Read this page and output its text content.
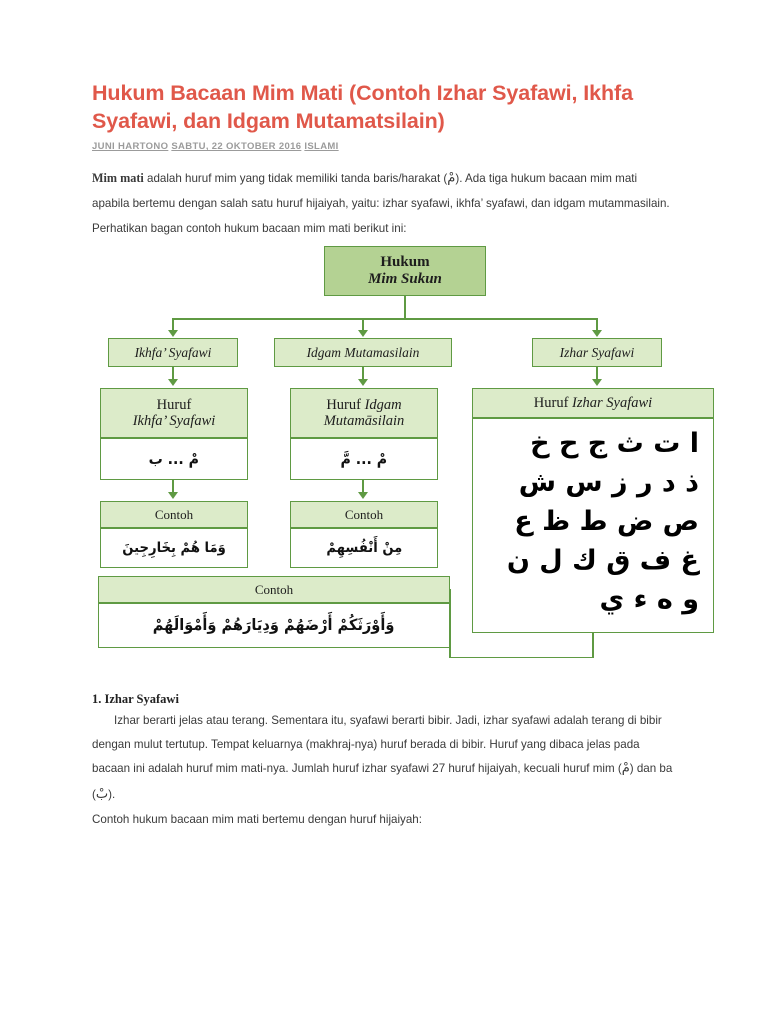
Hukum Bacaan Mim Mati (Contoh Izhar Syafawi, Ikhfa Syafawi, dan Idgam Mutamatsilain)
JUNI HARTONO SABTU, 22 OKTOBER 2016 ISLAMI

Mim mati adalah huruf mim yang tidak memiliki tanda baris/harakat (مْ). Ada tiga hukum bacaan mim mati apabila bertemu dengan salah satu huruf hijaiyah, yaitu: izhar syafawi, ikhfa’ syafawi, dan idgam mutammasilain.

Perhatikan bagan contoh hukum bacaan mim mati berikut ini:

Hukum
Mim Sukun
Ikhfa’ Syafawi	Idgam Mutamasilain	Izhar Syafawi
Huruf
Ikhfa’ Syafawi
مْ ... ب
Contoh
وَمَا هُمْ بِخَارِجِينَ
Huruf Idgam
Mutamāsilain
مْ ... مَّ
Contoh
مِنْ أَنْفُسِهِمْ
Huruf Izhar Syafawi
ا ت ث ج ح خ
ذ د ر ز س ش
ص ض ط ظ ع
غ ف ق ك ل ن
و ه ء ي
Contoh
وَأَوْرَثَكُمْ أَرْضَهُمْ وَدِيَارَهُمْ وَأَمْوَالَهُمْ

1. Izhar Syafawi

Izhar berarti jelas atau terang. Sementara itu, syafawi berarti bibir. Jadi, izhar syafawi adalah terang di bibir dengan mulut tertutup. Tempat keluarnya (makhraj-nya) huruf berada di bibir. Huruf yang dibaca jelas pada bacaan ini adalah huruf mim mati-nya. Jumlah huruf izhar syafawi 27 huruf hijaiyah, kecuali huruf mim (مْ) dan ba (بْ).

Contoh hukum bacaan mim mati bertemu dengan huruf hijaiyah:
